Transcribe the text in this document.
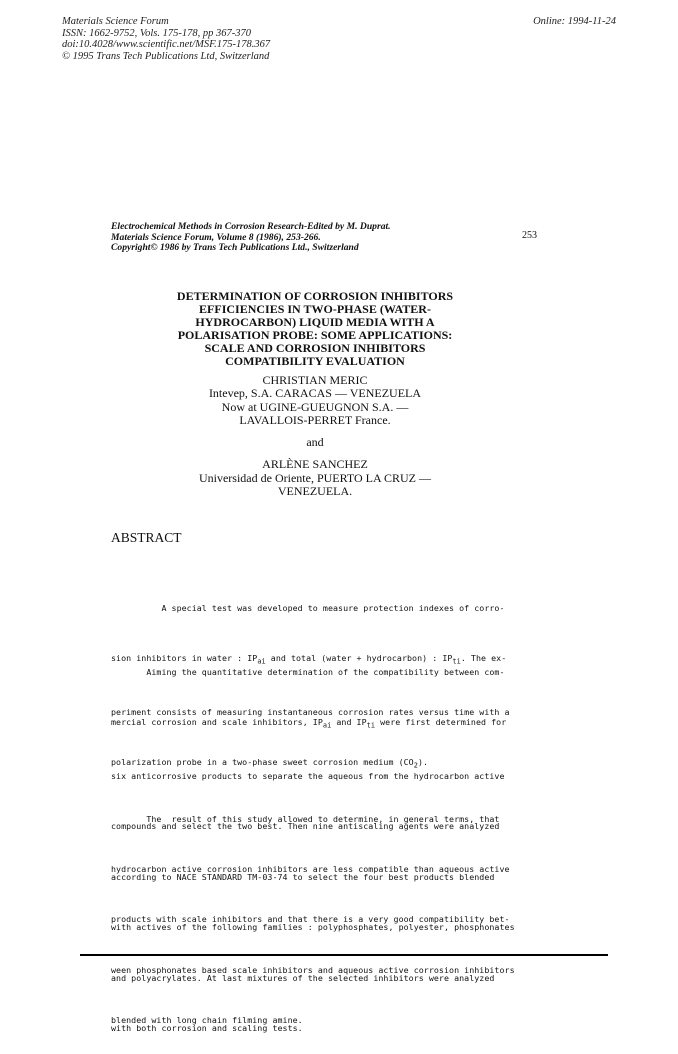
Materials Science Forum
ISSN: 1662-9752, Vols. 175-178, pp 367-370
doi:10.4028/www.scientific.net/MSF.175-178.367
© 1995 Trans Tech Publications Ltd, Switzerland
Online: 1994-11-24
Electrochemical Methods in Corrosion Research-Edited by M. Duprat.
Materials Science Forum, Volume 8 (1986), 253-266.
Copyright© 1986 by Trans Tech Publications Ltd., Switzerland
253
DETERMINATION OF CORROSION INHIBITORS
EFFICIENCIES IN TWO-PHASE (WATER-
HYDROCARBON) LIQUID MEDIA WITH A
POLARISATION PROBE: SOME APPLICATIONS:
SCALE AND CORROSION INHIBITORS
COMPATIBILITY EVALUATION
CHRISTIAN MERIC
Intevep, S.A. CARACAS — VENEZUELA
Now at UGINE-GUEUGNON S.A. —
LAVALLOIS-PERRET France.
and
ARLÈNE SANCHEZ
Universidad de Oriente, PUERTO LA CRUZ —
VENEZUELA.
ABSTRACT

A special test was developed to measure protection indexes of corro-

sion inhibitors in water : $IP_{ai}$ and total (water + hydrocarbon) : $IP_{ti}$. The ex-

periment consists of measuring instantaneous corrosion rates versus time with a

polarization probe in a two-phase sweet corrosion medium $(CO_2)$.

Aiming the quantitative determination of the compatibility between com-

mercial corrosion and scale inhibitors, $IP_{ai}$ and $IP_{ti}$ were first determined for

six anticorrosive products to separate the aqueous from the hydrocarbon active

compounds and select the two best. Then nine antiscaling agents were analyzed

according to NACE STANDARD TM-03-74 to select the four best products blended

with actives of the following families : polyphosphates, polyester, phosphonates

and polyacrylates. At last mixtures of the selected inhibitors were analyzed

with both corrosion and scaling tests.

The  result of this study allowed to determine, in general terms, that

hydrocarbon active corrosion inhibitors are less compatible than aqueous active

products with scale inhibitors and that there is a very good compatibility bet-

ween phosphonates based scale inhibitors and aqueous active corrosion inhibitors

blended with long chain filming amine.
